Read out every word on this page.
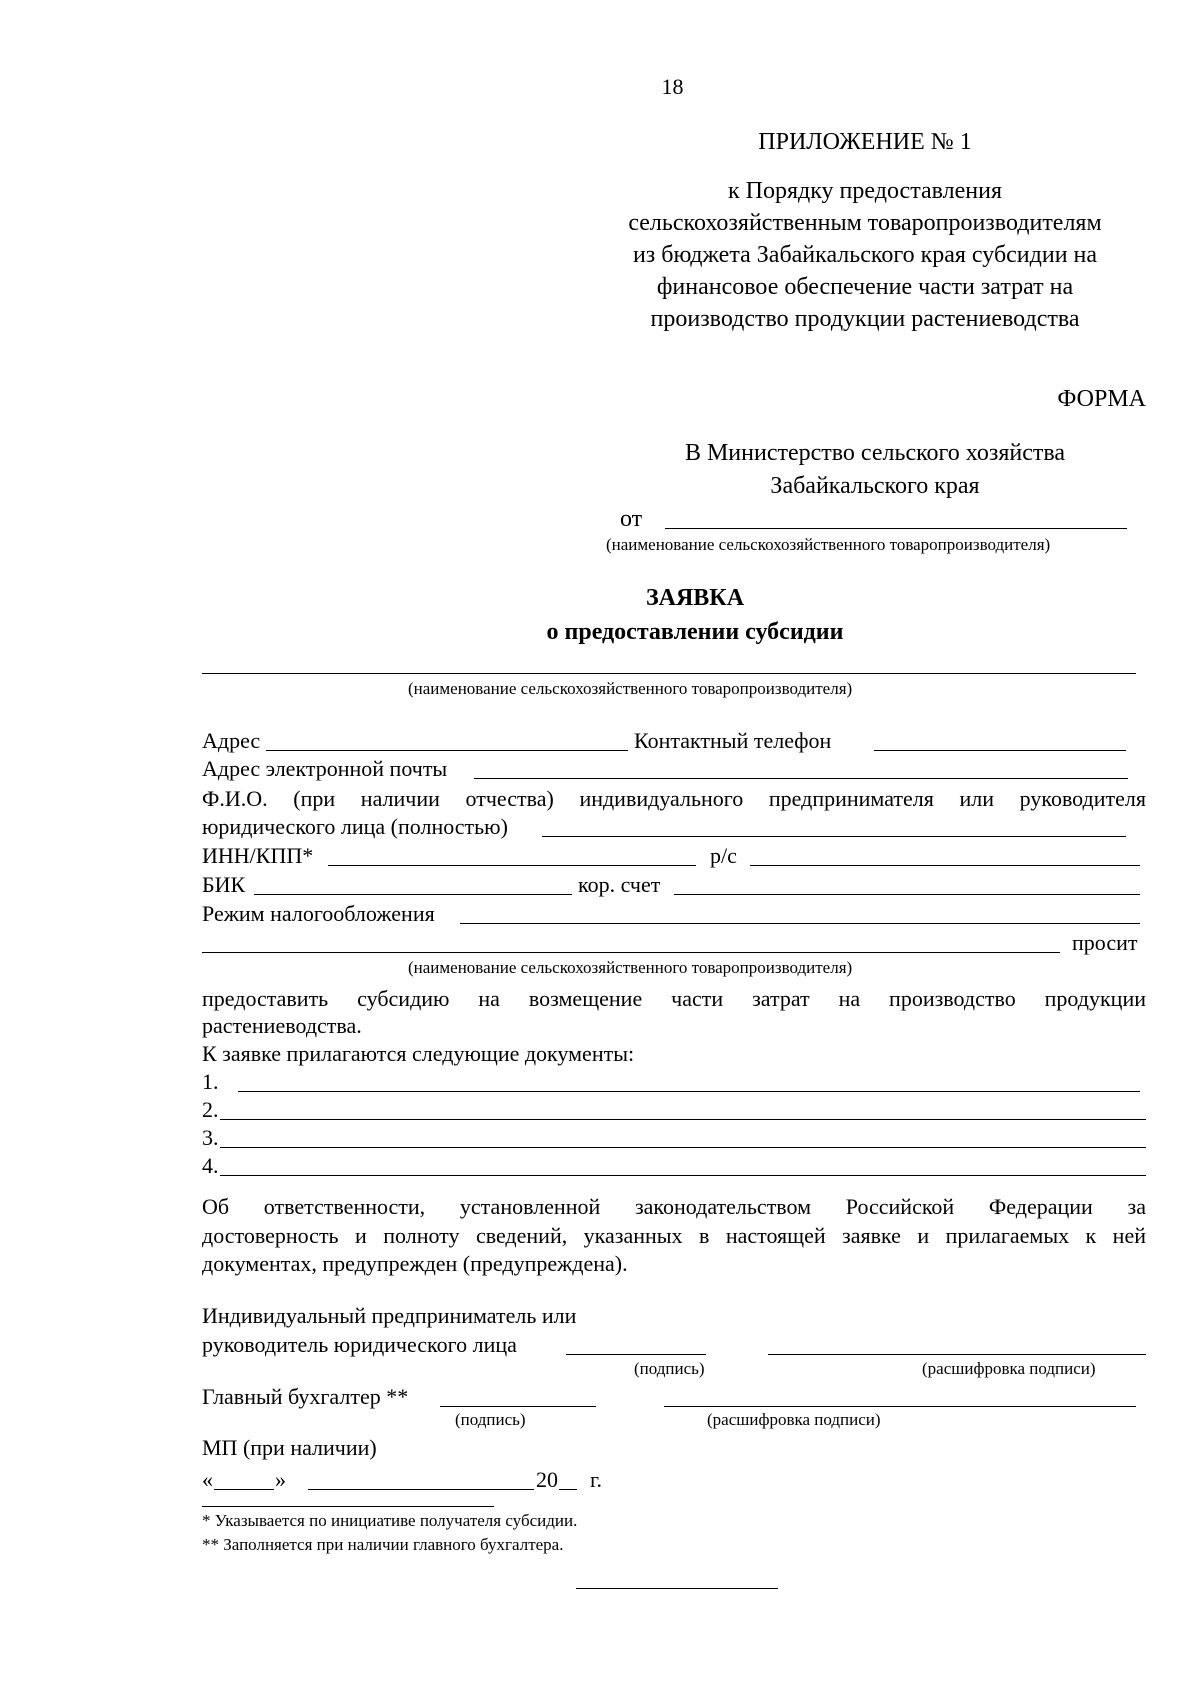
18
ПРИЛОЖЕНИЕ № 1
к Порядку предоставления
сельскохозяйственным товаропроизводителям
из бюджета Забайкальского края субсидии на
финансовое обеспечение части затрат на
производство продукции растениеводства
ФОРМА
В Министерство сельского хозяйства
Забайкальского края
от
(наименование сельскохозяйственного товаропроизводителя)
ЗАЯВКА
о предоставлении субсидии
(наименование сельскохозяйственного товаропроизводителя)
Адрес	Контактный телефон
Адрес электронной почты
Ф.И.О. (при наличии отчества) индивидуального предпринимателя или руководителя
юридического лица (полностью)
ИНН/КПП*	р/с
БИК	кор. счет
Режим налогообложения
просит
(наименование сельскохозяйственного товаропроизводителя)
предоставить субсидию на возмещение части затрат на производство продукции
растениеводства.
К заявке прилагаются следующие документы:
1.
2.
3.
4.
Об ответственности, установленной законодательством Российской Федерации за
достоверность и полноту сведений, указанных в настоящей заявке и прилагаемых к ней
документах, предупрежден (предупреждена).
Индивидуальный предприниматель или
руководитель юридического лица
(подпись)	(расшифровка подписи)
Главный бухгалтер **
(подпись)	(расшифровка подписи)
МП (при наличии)
«	»	20 г.
* Указывается по инициативе получателя субсидии.
** Заполняется при наличии главного бухгалтера.
